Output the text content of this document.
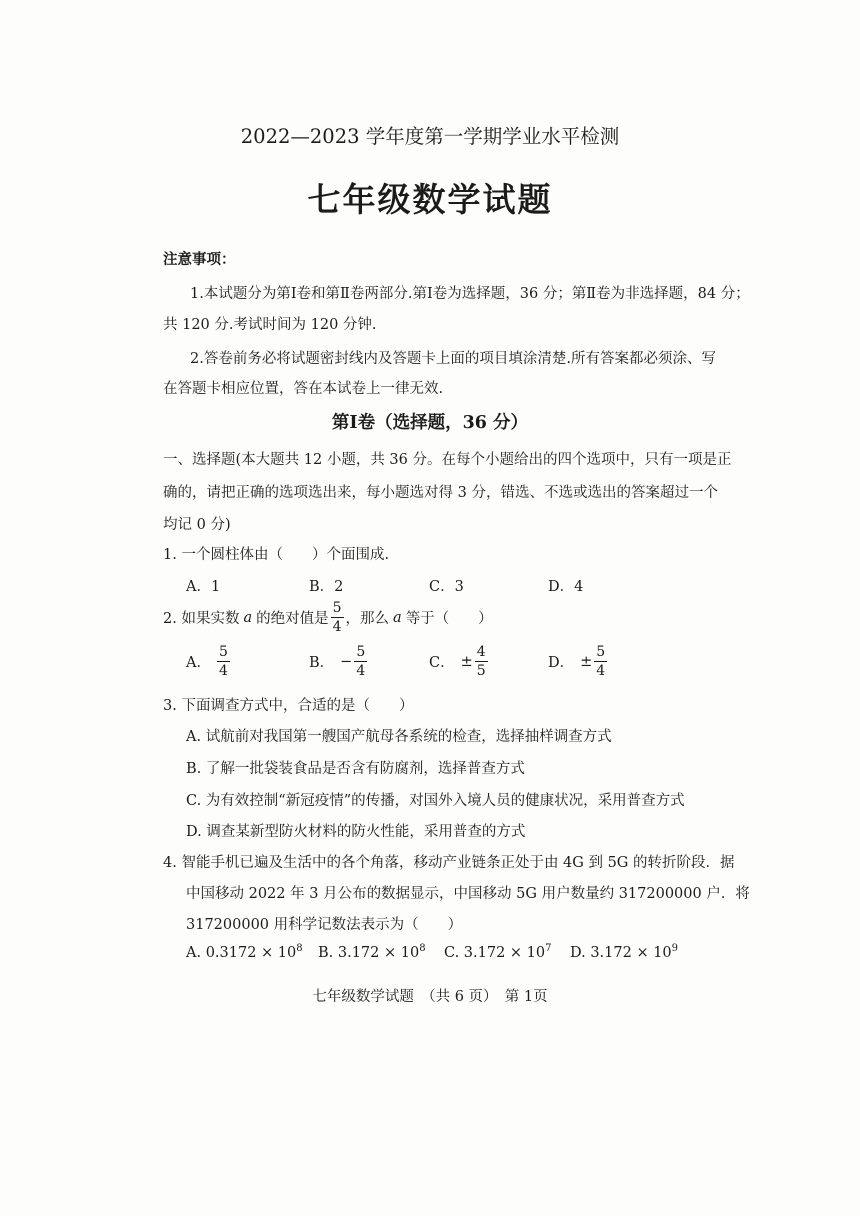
2022—2023 学年度第一学期学业水平检测
七年级数学试题
注意事项：
1.本试题分为第Ⅰ卷和第Ⅱ卷两部分.第Ⅰ卷为选择题，36 分；第Ⅱ卷为非选择题，84 分；
共 120 分.考试时间为 120 分钟.
2.答卷前务必将试题密封线内及答题卡上面的项目填涂清楚.所有答案都必须涂、写
在答题卡相应位置，答在本试卷上一律无效.
第Ⅰ卷（选择题，36 分）
一、选择题(本大题共 12 小题，共 36 分。在每个小题给出的四个选项中，只有一项是正
确的，请把正确的选项选出来，每小题选对得 3 分，错选、不选或选出的答案超过一个
均记 0 分)
1. 一个圆柱体由（　　）个面围成.
A．1	B．2	C．3	D．4
2. 如果实数 a 的绝对值是 $\frac{5}{4}$ ，那么 a 等于（　　）
A． $\frac{5}{4}$	B． − $\frac{5}{4}$	C． ± $\frac{4}{5}$	D． ± $\frac{5}{4}$
3. 下面调查方式中，合适的是（　　）
A. 试航前对我国第一艘国产航母各系统的检查，选择抽样调查方式
B. 了解一批袋装食品是否含有防腐剂，选择普查方式
C. 为有效控制“新冠疫情”的传播，对国外入境人员的健康状况，采用普查方式
D. 调查某新型防火材料的防火性能，采用普查的方式
4. 智能手机已遍及生活中的各个角落，移动产业链条正处于由 4G 到 5G 的转折阶段．据
中国移动 2022 年 3 月公布的数据显示，中国移动 5G 用户数量约 317200000 户．将
317200000 用科学记数法表示为（　　）
A. $0.3172 \times 10^8$ B. $3.172 \times 10^8$ C. $3.172 \times 10^7$ D. $3.172 \times 10^9$
七年级数学试题　（共 6 页）　第 1页
